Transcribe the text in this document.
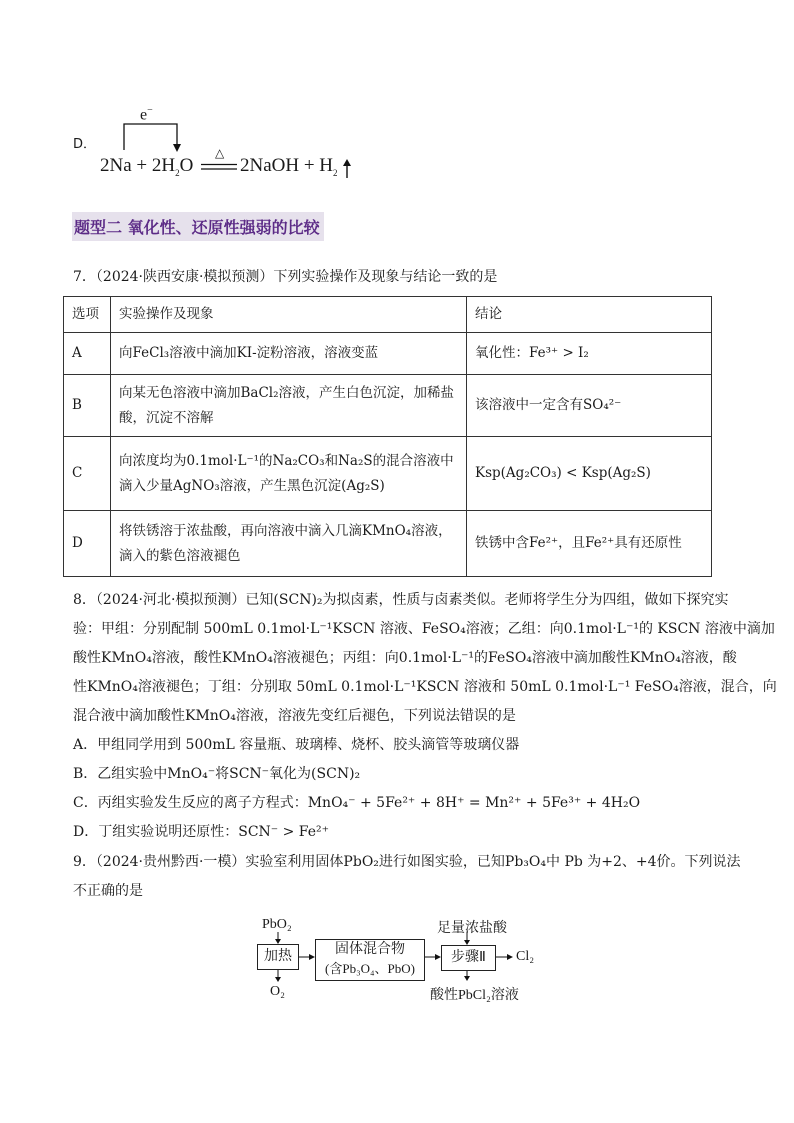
D．
e−
$2Na + 2H_2O$
△
2NaOH + $H_2$
题型二 氧化性、还原性强弱的比较
7．（2024·陕西安康·模拟预测）下列实验操作及现象与结论一致的是
选项	实验操作及现象	结论
A	向FeCl₃溶液中滴加KI-淀粉溶液，溶液变蓝	氧化性：Fe³⁺ > I₂
B	向某无色溶液中滴加BaCl₂溶液，产生白色沉淀，加稀盐酸，沉淀不溶解	该溶液中一定含有SO₄²⁻
C	向浓度均为0.1mol·L⁻¹的Na₂CO₃和Na₂S的混合溶液中滴入少量AgNO₃溶液，产生黑色沉淀(Ag₂S)	Ksp(Ag₂CO₃) < Ksp(Ag₂S)
D	将铁锈溶于浓盐酸，再向溶液中滴入几滴KMnO₄溶液，滴入的紫色溶液褪色	铁锈中含Fe²⁺，且Fe²⁺具有还原性
8．（2024·河北·模拟预测）已知(SCN)₂为拟卤素，性质与卤素类似。老师将学生分为四组，做如下探究实
验：甲组：分别配制 500mL 0.1mol·L⁻¹KSCN 溶液、FeSO₄溶液；乙组：向0.1mol·L⁻¹的 KSCN 溶液中滴加
酸性KMnO₄溶液，酸性KMnO₄溶液褪色；丙组：向0.1mol·L⁻¹的FeSO₄溶液中滴加酸性KMnO₄溶液，酸
性KMnO₄溶液褪色；丁组：分别取 50mL 0.1mol·L⁻¹KSCN 溶液和 50mL 0.1mol·L⁻¹ FeSO₄溶液，混合，向
混合液中滴加酸性KMnO₄溶液，溶液先变红后褪色，下列说法错误的是
A．甲组同学用到 500mL 容量瓶、玻璃棒、烧杯、胶头滴管等玻璃仪器
B．乙组实验中MnO₄⁻将SCN⁻氧化为(SCN)₂
C．丙组实验发生反应的离子方程式：MnO₄⁻ + 5Fe²⁺ + 8H⁺ = Mn²⁺ + 5Fe³⁺ + 4H₂O
D．丁组实验说明还原性：SCN⁻ > Fe²⁺
9．（2024·贵州黔西·一模）实验室利用固体PbO₂进行如图实验，已知Pb₃O₄中 Pb 为+2、+4价。下列说法
不正确的是
PbO₂
加热
O₂
固体混合物
(含Pb₃O₄、PbO)
足量浓盐酸
步骤Ⅱ	Cl₂
酸性PbCl₂溶液
